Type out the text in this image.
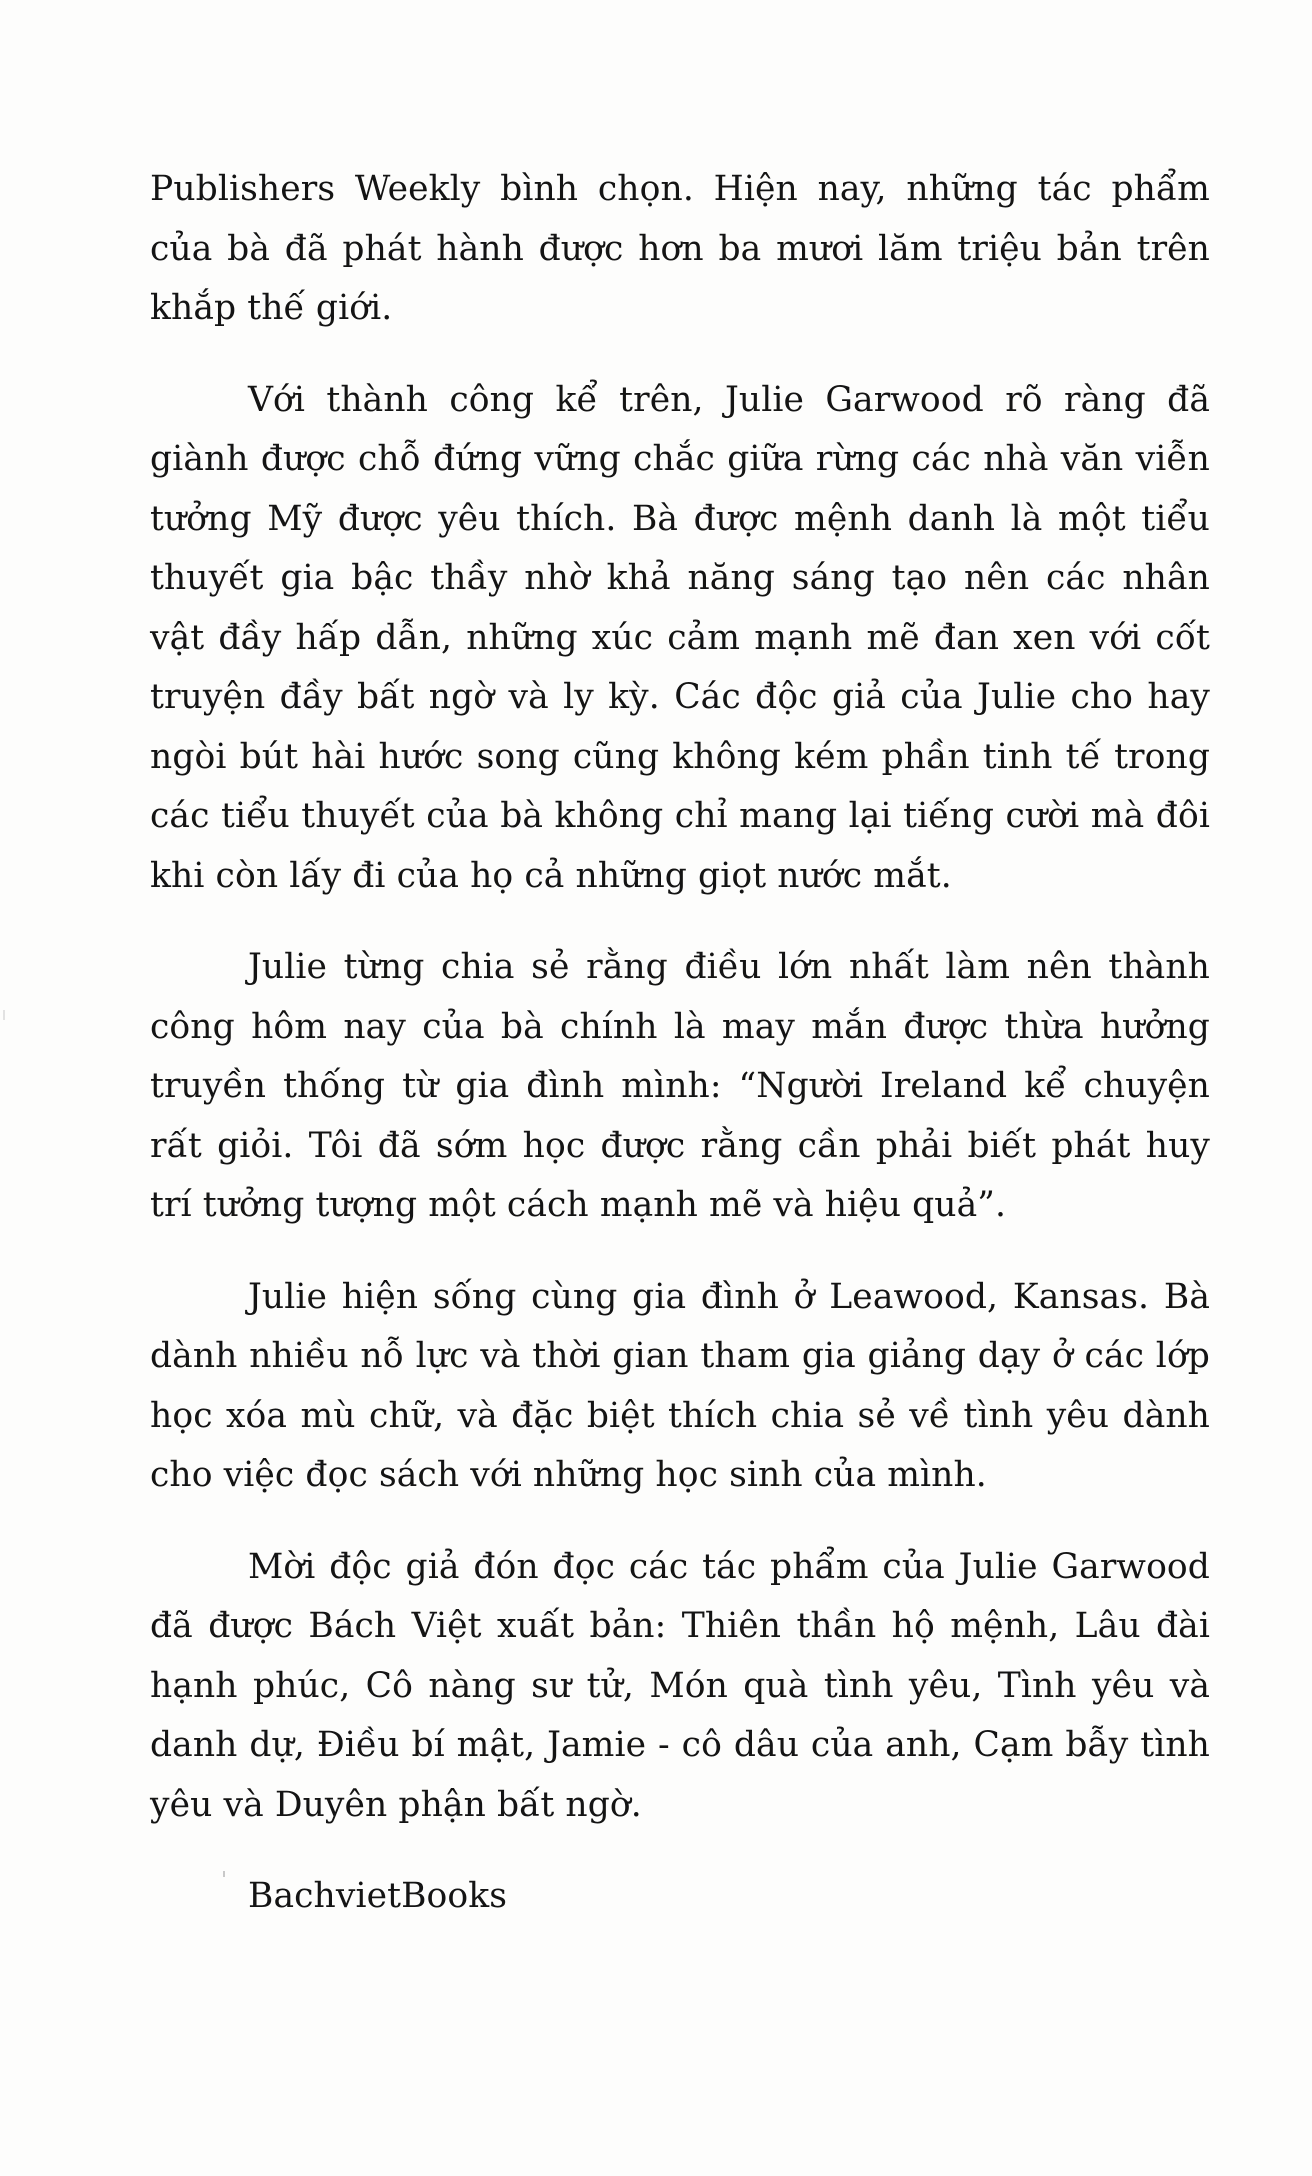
Publishers Weekly bình chọn. Hiện nay, những tác phẩm của bà đã phát hành được hơn ba mươi lăm triệu bản trên khắp thế giới.

Với thành công kể trên, Julie Garwood rõ ràng đã giành được chỗ đứng vững chắc giữa rừng các nhà văn viễn tưởng Mỹ được yêu thích. Bà được mệnh danh là một tiểu thuyết gia bậc thầy nhờ khả năng sáng tạo nên các nhân vật đầy hấp dẫn, những xúc cảm mạnh mẽ đan xen với cốt truyện đầy bất ngờ và ly kỳ. Các độc giả của Julie cho hay ngòi bút hài hước song cũng không kém phần tinh tế trong các tiểu thuyết của bà không chỉ mang lại tiếng cười mà đôi khi còn lấy đi của họ cả những giọt nước mắt.

Julie từng chia sẻ rằng điều lớn nhất làm nên thành công hôm nay của bà chính là may mắn được thừa hưởng truyền thống từ gia đình mình: “Người Ireland kể chuyện rất giỏi. Tôi đã sớm học được rằng cần phải biết phát huy trí tưởng tượng một cách mạnh mẽ và hiệu quả”.

Julie hiện sống cùng gia đình ở Leawood, Kansas. Bà dành nhiều nỗ lực và thời gian tham gia giảng dạy ở các lớp học xóa mù chữ, và đặc biệt thích chia sẻ về tình yêu dành cho việc đọc sách với những học sinh của mình.

Mời độc giả đón đọc các tác phẩm của Julie Garwood đã được Bách Việt xuất bản: Thiên thần hộ mệnh, Lâu đài hạnh phúc, Cô nàng sư tử, Món quà tình yêu, Tình yêu và danh dự, Điều bí mật, Jamie - cô dâu của anh, Cạm bẫy tình yêu và Duyên phận bất ngờ.

BachvietBooks
